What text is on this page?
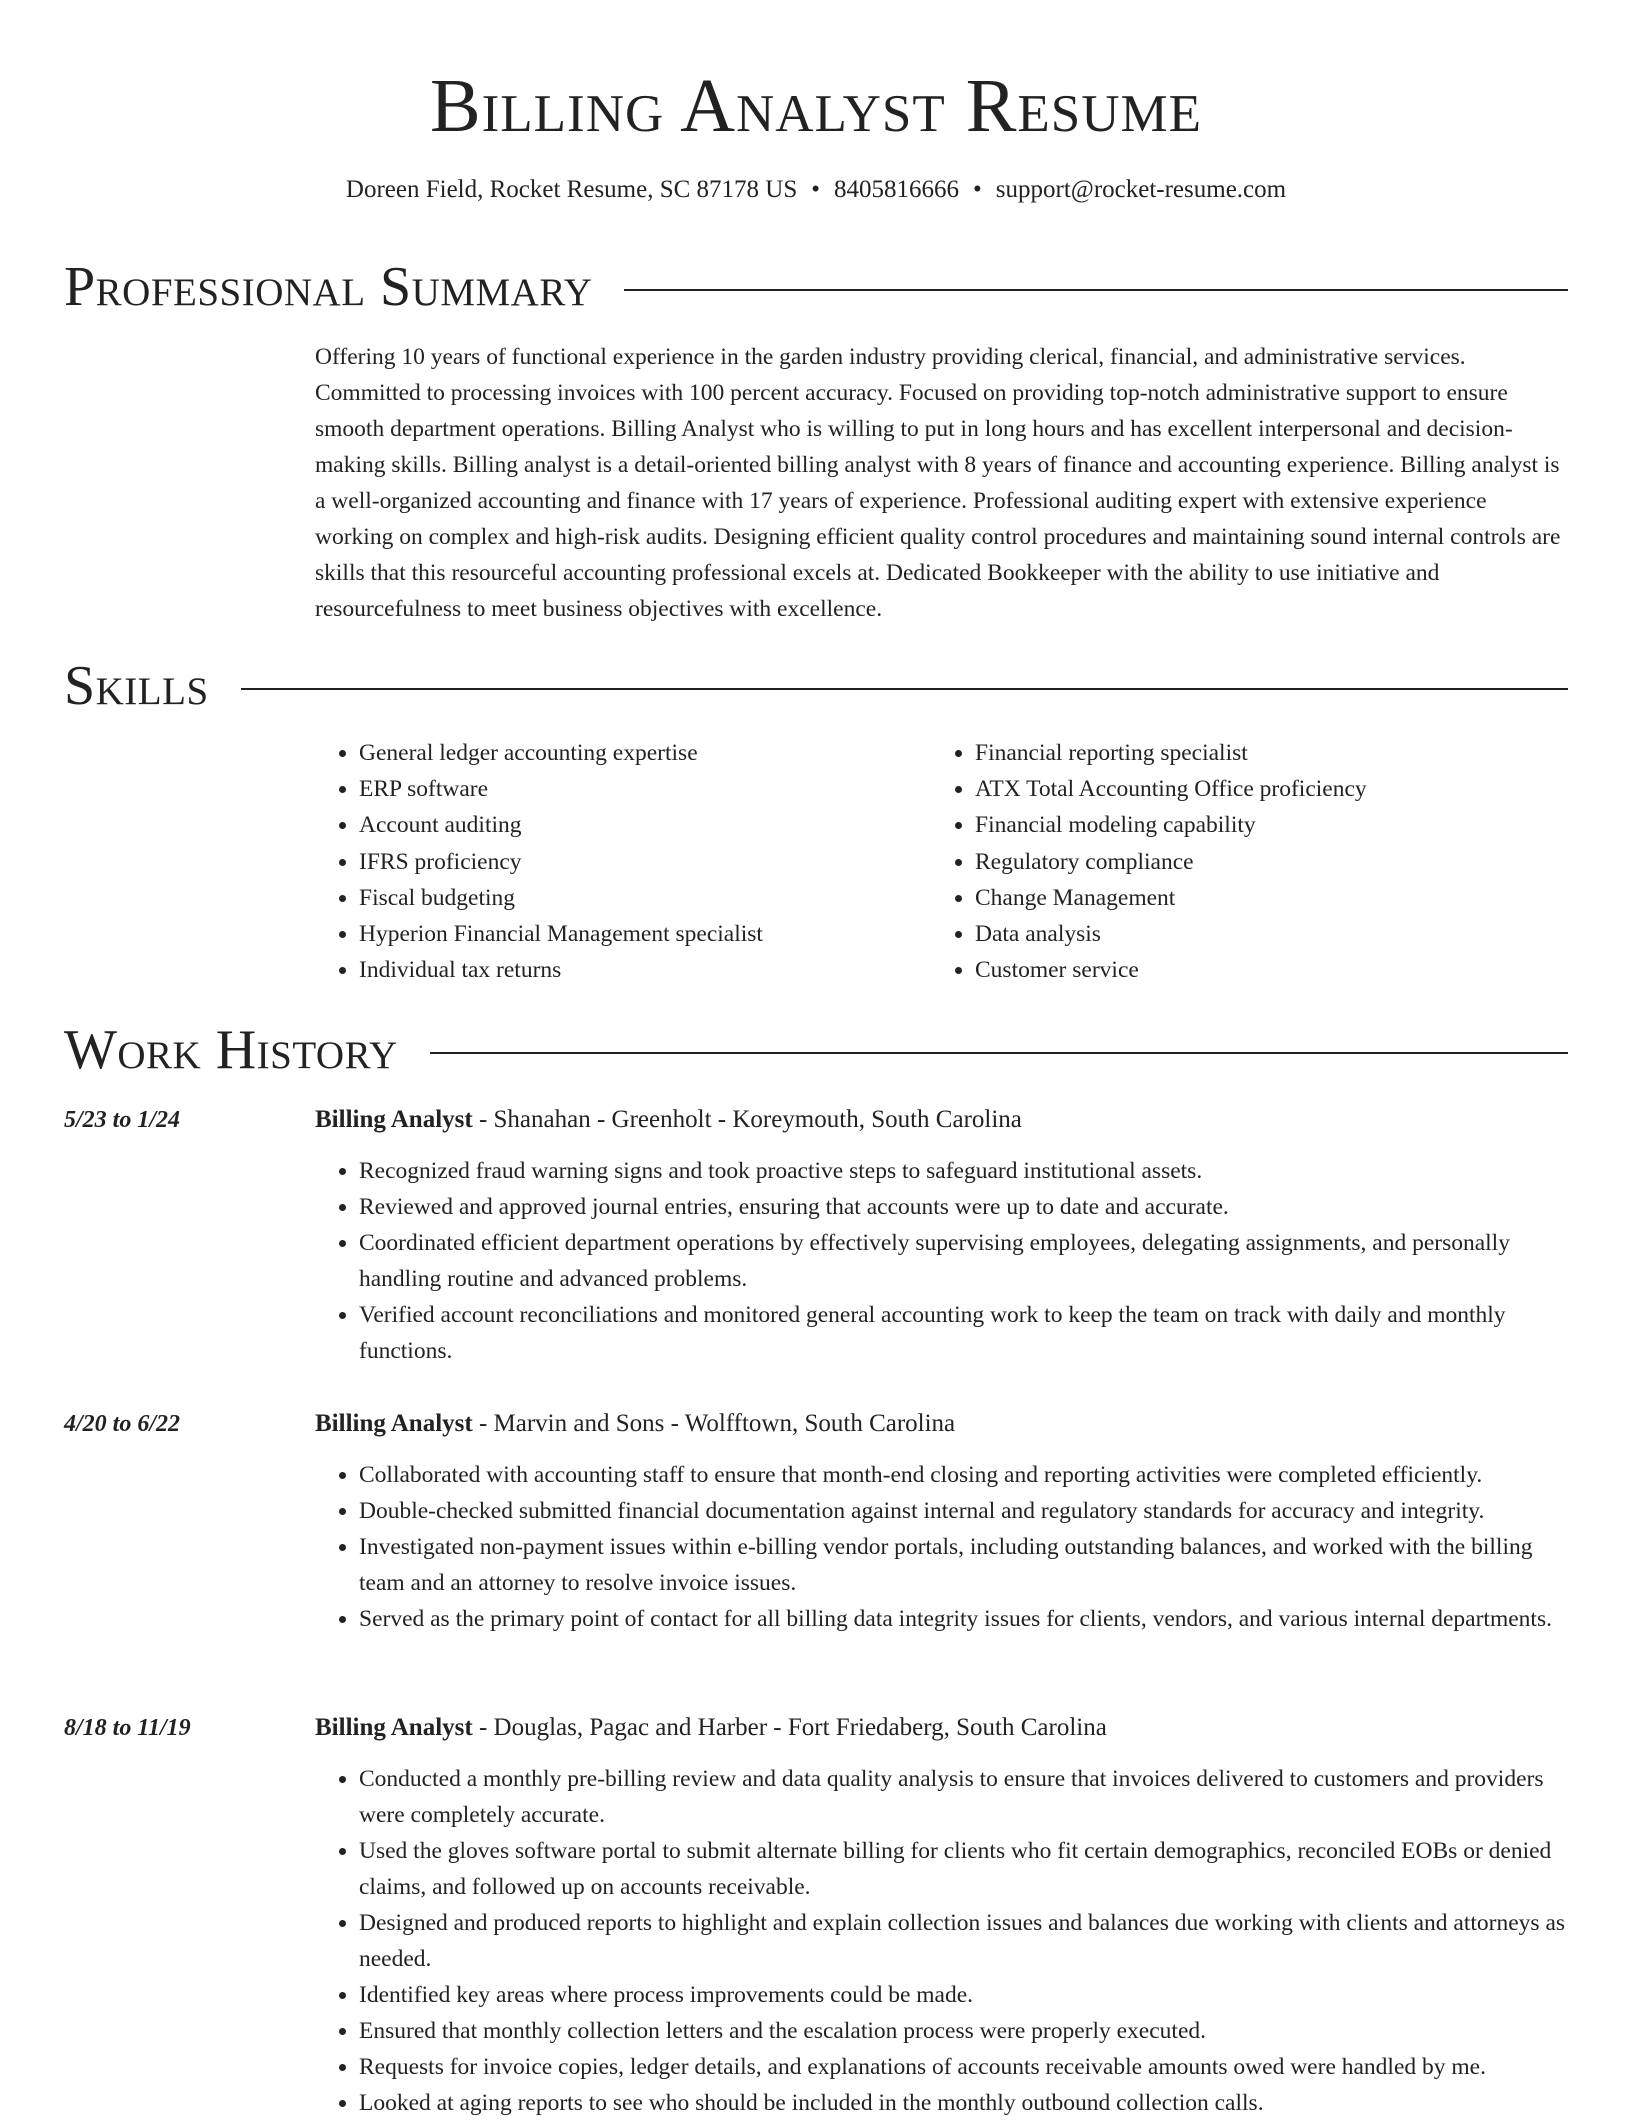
Billing Analyst Resume
Doreen Field, Rocket Resume, SC 87178 US • 8405816666 • support@rocket-resume.com
Professional Summary

Offering 10 years of functional experience in the garden industry providing clerical, financial, and administrative services. Committed to processing invoices with 100 percent accuracy. Focused on providing top-notch administrative support to ensure smooth department operations. Billing Analyst who is willing to put in long hours and has excellent interpersonal and decision-making skills. Billing analyst is a detail-oriented billing analyst with 8 years of finance and accounting experience. Billing analyst is a well-organized accounting and finance with 17 years of experience. Professional auditing expert with extensive experience working on complex and high-risk audits. Designing efficient quality control procedures and maintaining sound internal controls are skills that this resourceful accounting professional excels at. Dedicated Bookkeeper with the ability to use initiative and resourcefulness to meet business objectives with excellence.

Skills
• General ledger accounting expertise
• ERP software
• Account auditing
• IFRS proficiency
• Fiscal budgeting
• Hyperion Financial Management specialist
• Individual tax returns
• Financial reporting specialist
• ATX Total Accounting Office proficiency
• Financial modeling capability
• Regulatory compliance
• Change Management
• Data analysis
• Customer service
Work History
5/23 to 1/24	Billing Analyst - Shanahan - Greenholt - Koreymouth, South Carolina
• Recognized fraud warning signs and took proactive steps to safeguard institutional assets.
• Reviewed and approved journal entries, ensuring that accounts were up to date and accurate.
• Coordinated efficient department operations by effectively supervising employees, delegating assignments, and personally handling routine and advanced problems.
• Verified account reconciliations and monitored general accounting work to keep the team on track with daily and monthly functions.
4/20 to 6/22	Billing Analyst - Marvin and Sons - Wolfftown, South Carolina
• Collaborated with accounting staff to ensure that month-end closing and reporting activities were completed efficiently.
• Double-checked submitted financial documentation against internal and regulatory standards for accuracy and integrity.
• Investigated non-payment issues within e-billing vendor portals, including outstanding balances, and worked with the billing team and an attorney to resolve invoice issues.
• Served as the primary point of contact for all billing data integrity issues for clients, vendors, and various internal departments.
8/18 to 11/19	Billing Analyst - Douglas, Pagac and Harber - Fort Friedaberg, South Carolina
• Conducted a monthly pre-billing review and data quality analysis to ensure that invoices delivered to customers and providers were completely accurate.
• Used the gloves software portal to submit alternate billing for clients who fit certain demographics, reconciled EOBs or denied claims, and followed up on accounts receivable.
• Designed and produced reports to highlight and explain collection issues and balances due working with clients and attorneys as needed.
• Identified key areas where process improvements could be made.
• Ensured that monthly collection letters and the escalation process were properly executed.
• Requests for invoice copies, ledger details, and explanations of accounts receivable amounts owed were handled by me.
• Looked at aging reports to see who should be included in the monthly outbound collection calls.
